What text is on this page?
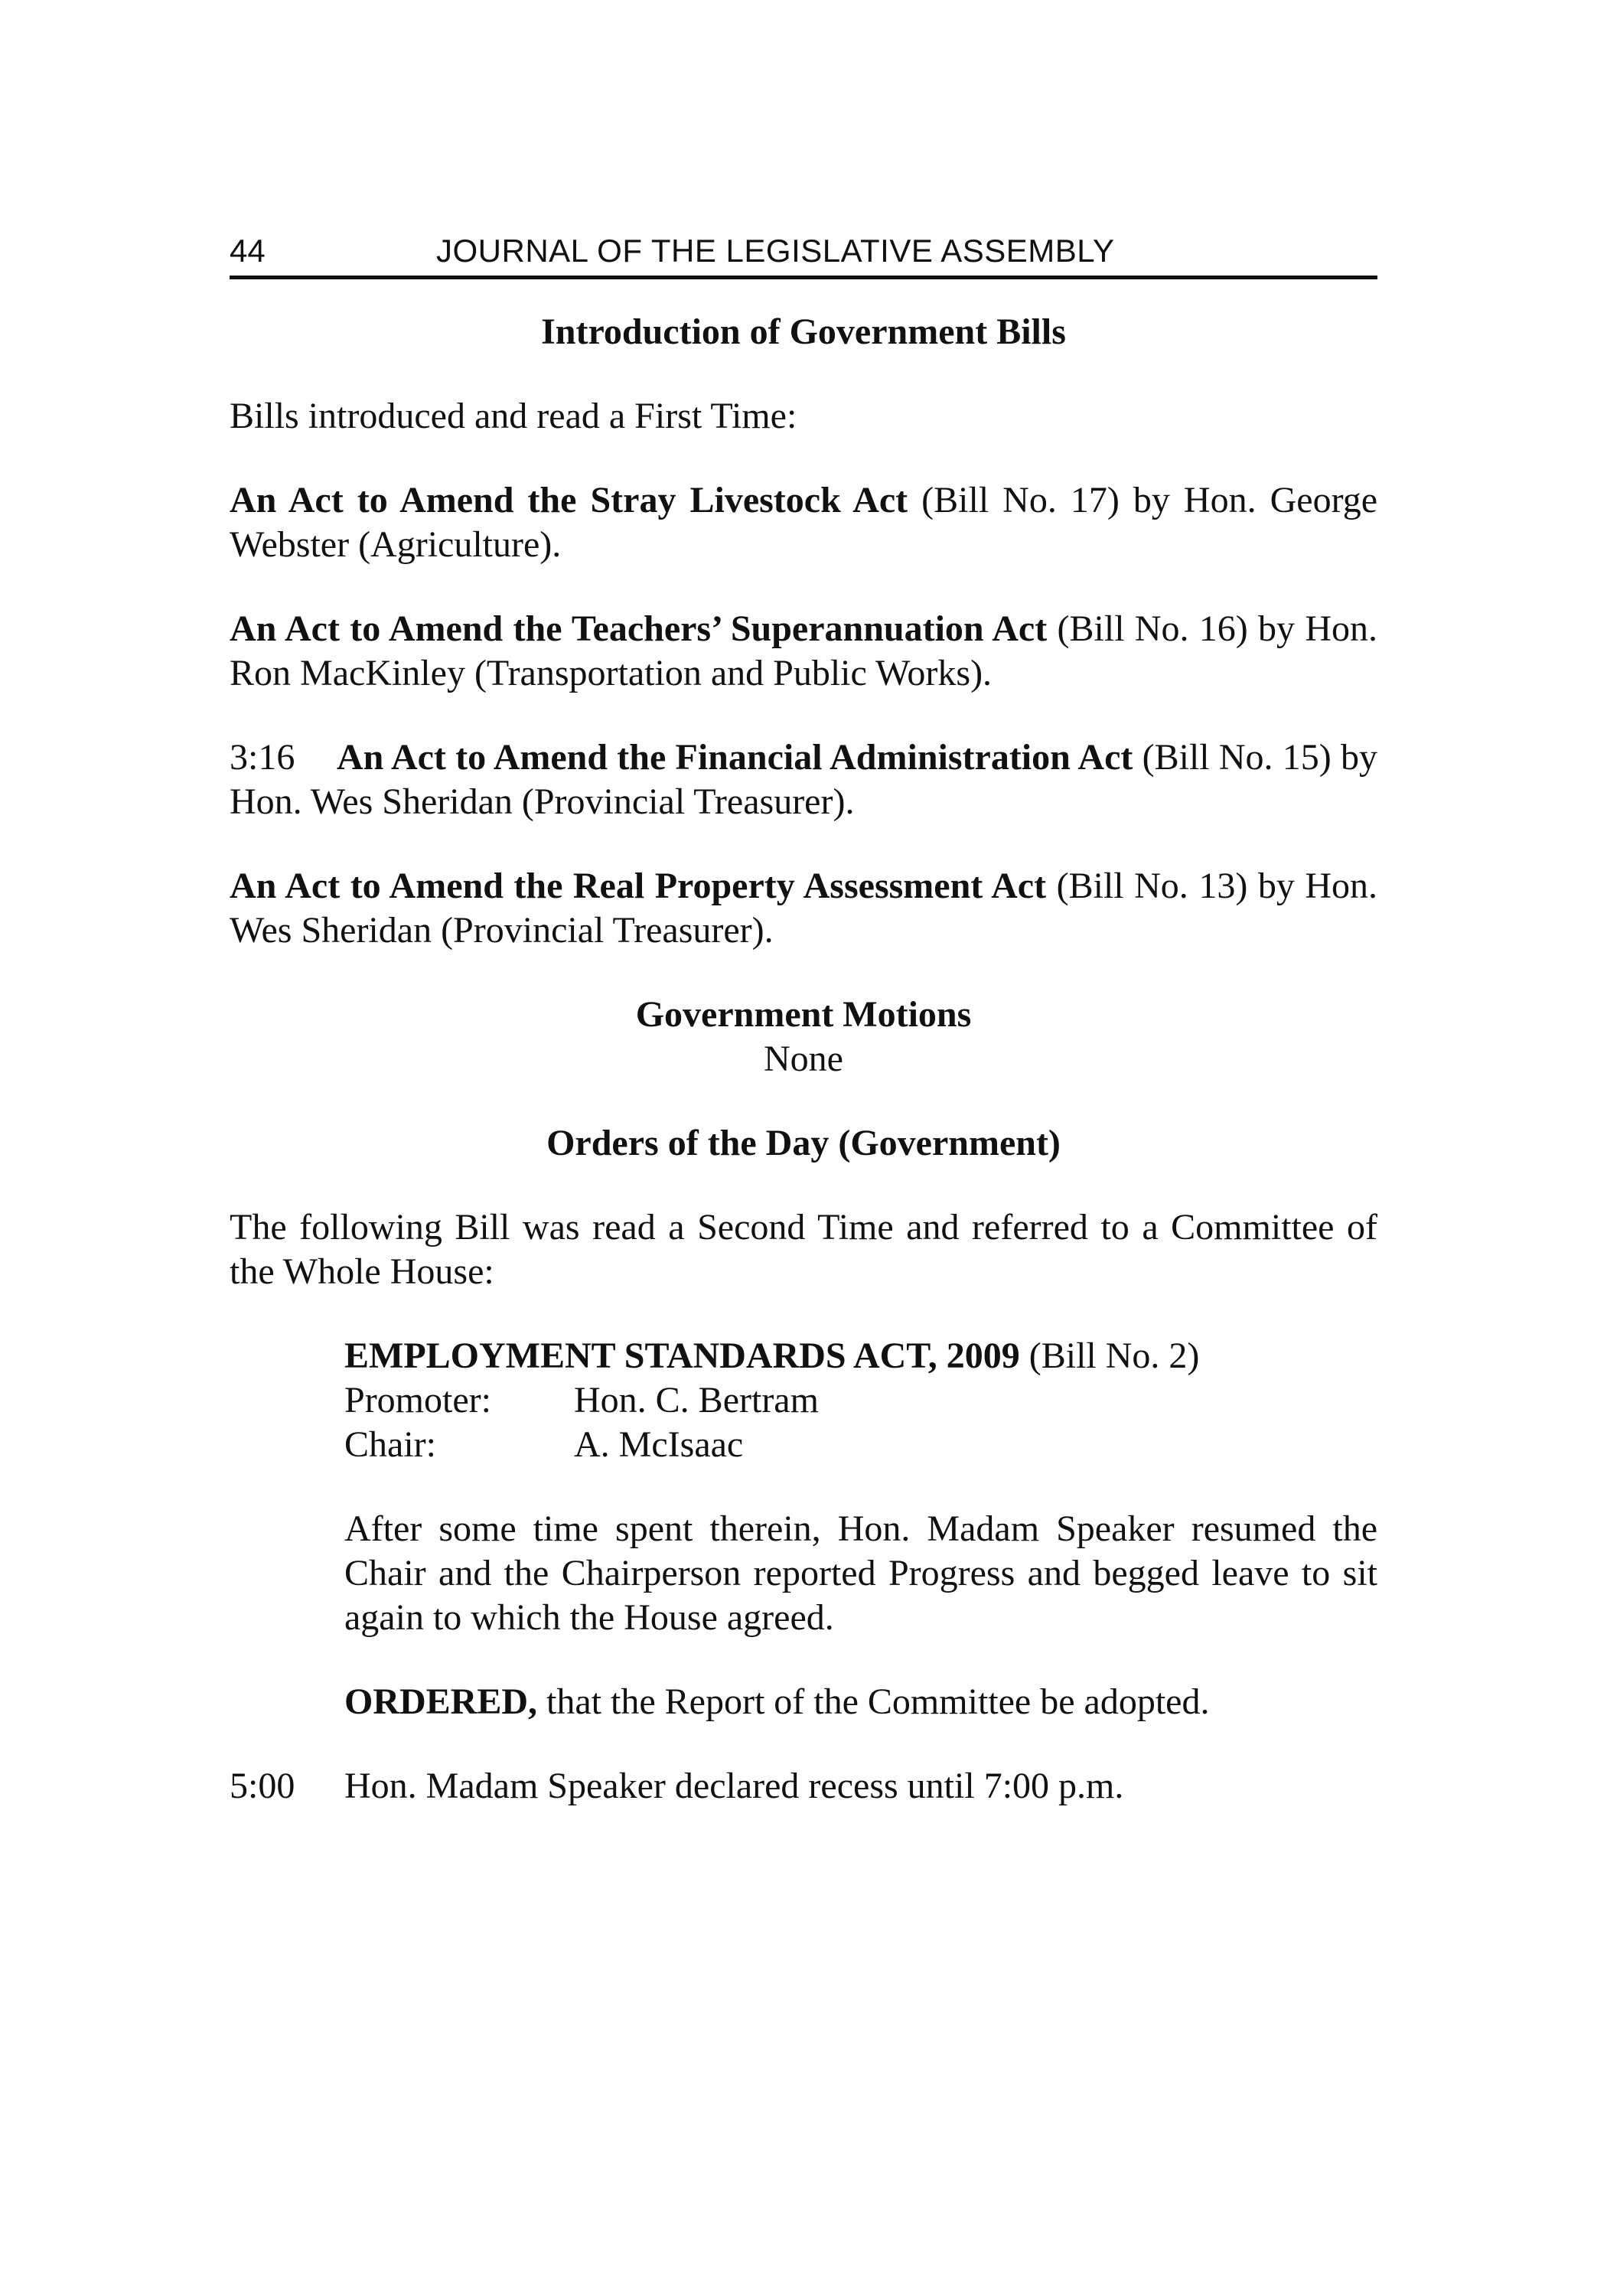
44	JOURNAL OF THE LEGISLATIVE ASSEMBLY

Introduction of Government Bills

Bills introduced and read a First Time:

An Act to Amend the Stray Livestock Act (Bill No. 17) by Hon. George Webster (Agriculture).

An Act to Amend the Teachers’ Superannuation Act (Bill No. 16) by Hon. Ron MacKinley (Transportation and Public Works).

3:16 An Act to Amend the Financial Administration Act (Bill No. 15) by Hon. Wes Sheridan (Provincial Treasurer).

An Act to Amend the Real Property Assessment Act (Bill No. 13) by Hon. Wes Sheridan (Provincial Treasurer).

Government Motions

None

Orders of the Day (Government)

The following Bill was read a Second Time and referred to a Committee of the Whole House:

EMPLOYMENT STANDARDS ACT, 2009 (Bill No. 2)

Promoter:	Hon. C. Bertram
Chair:	A. McIsaac

After some time spent therein, Hon. Madam Speaker resumed the Chair and the Chairperson reported Progress and begged leave to sit again to which the House agreed.

ORDERED, that the Report of the Committee be adopted.

5:00	Hon. Madam Speaker declared recess until 7:00 p.m.
